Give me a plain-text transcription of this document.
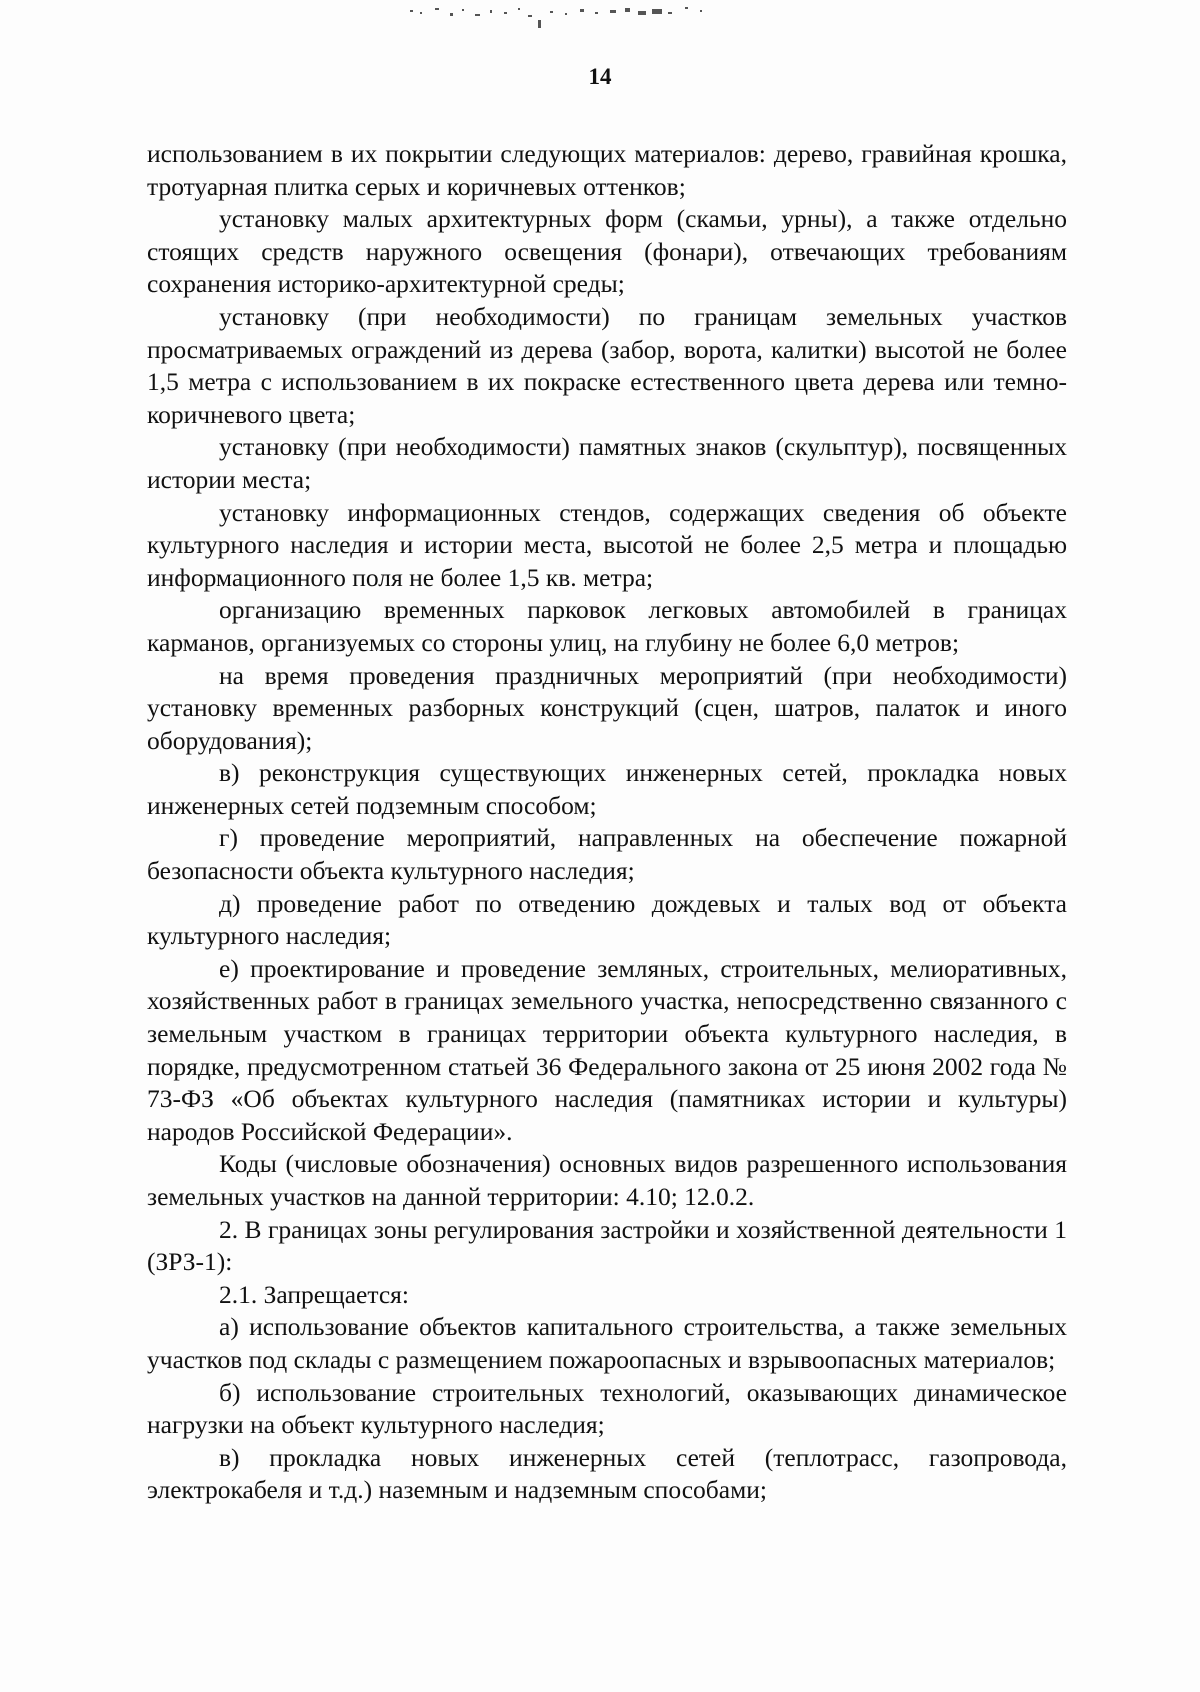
14

использованием в их покрытии следующих материалов: дерево, гравийная крошка, тротуарная плитка серых и коричневых оттенков;

установку малых архитектурных форм (скамьи, урны), а также отдельно стоящих средств наружного освещения (фонари), отвечающих требованиям сохранения историко-архитектурной среды;

установку (при необходимости) по границам земельных участков просматриваемых ограждений из дерева (забор, ворота, калитки) высотой не более 1,5 метра с использованием в их покраске естественного цвета дерева или темно-коричневого цвета;

установку (при необходимости) памятных знаков (скульптур), посвященных истории места;

установку информационных стендов, содержащих сведения об объекте культурного наследия и истории места, высотой не более 2,5 метра и площадью информационного поля не более 1,5 кв. метра;

организацию временных парковок легковых автомобилей в границах карманов, организуемых со стороны улиц, на глубину не более 6,0 метров;

на время проведения праздничных мероприятий (при необходимости) установку временных разборных конструкций (сцен, шатров, палаток и иного оборудования);

в) реконструкция существующих инженерных сетей, прокладка новых инженерных сетей подземным способом;

г) проведение мероприятий, направленных на обеспечение пожарной безопасности объекта культурного наследия;

д) проведение работ по отведению дождевых и талых вод от объекта культурного наследия;

е) проектирование и проведение земляных, строительных, мелиоративных, хозяйственных работ в границах земельного участка, непосредственно связанного с земельным участком в границах территории объекта культурного наследия, в порядке, предусмотренном статьей 36 Федерального закона от 25 июня 2002 года № 73-ФЗ «Об объектах культурного наследия (памятниках истории и культуры) народов Российской Федерации».

Коды (числовые обозначения) основных видов разрешенного использования земельных участков на данной территории: 4.10; 12.0.2.

2. В границах зоны регулирования застройки и хозяйственной деятельности 1 (ЗРЗ-1):

2.1. Запрещается:

а) использование объектов капитального строительства, а также земельных участков под склады с размещением пожароопасных и взрывоопасных материалов;

б) использование строительных технологий, оказывающих динамическое нагрузки на объект культурного наследия;

в) прокладка новых инженерных сетей (теплотрасс, газопровода, электрокабеля и т.д.) наземным и надземным способами;
